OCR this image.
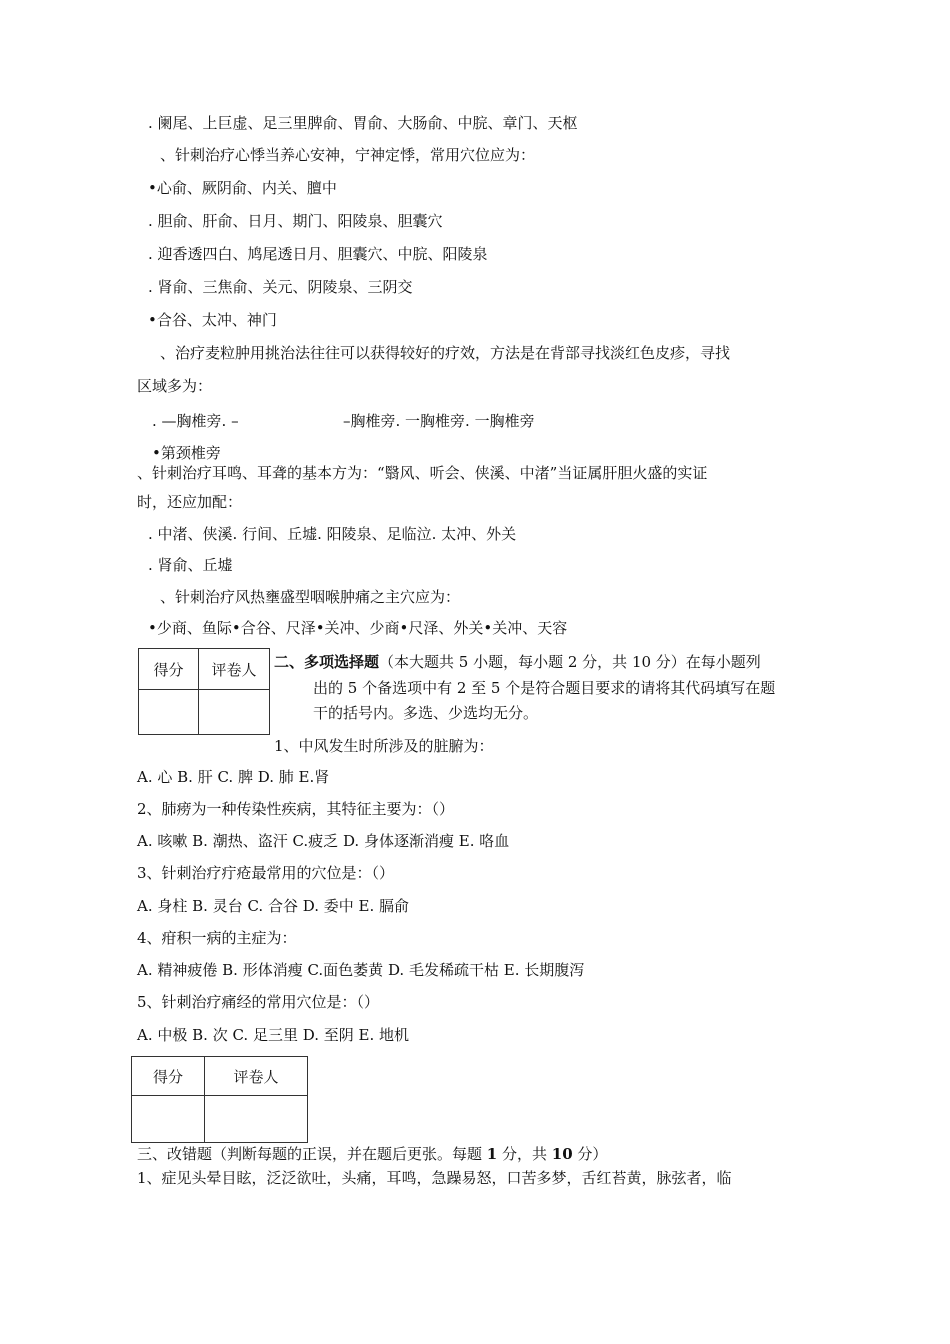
. 阑尾、上巨虚、足三里脾俞、胃俞、大肠俞、中脘、章门、天枢
、针刺治疗心悸当养心安神，宁神定悸，常用穴位应为：
•心俞、厥阴俞、内关、膻中
. 胆俞、肝俞、日月、期门、阳陵泉、胆囊穴
. 迎香透四白、鸠尾透日月、胆囊穴、中脘、阳陵泉
. 肾俞、三焦俞、关元、阴陵泉、三阴交
•合谷、太冲、神门
、治疗麦粒肿用挑治法往往可以获得较好的疗效，方法是在背部寻找淡红色皮疹，寻找
区域多为：
. —胸椎旁. –	–胸椎旁. 一胸椎旁. 一胸椎旁
•第颈椎旁
、针刺治疗耳鸣、耳聋的基本方为：“翳风、听会、侠溪、中渚”当证属肝胆火盛的实证
时，还应加配：
. 中渚、侠溪. 行间、丘墟. 阳陵泉、足临泣. 太冲、外关
. 肾俞、丘墟
、针刺治疗风热壅盛型咽喉肿痛之主穴应为：
•少商、鱼际•合谷、尺泽•关冲、少商•尺泽、外关•关冲、天容
得分	评卷人
	二、多项选择题（本大题共 5 小题，每小题 2 分，共 10 分）在每小题列
出的 5 个备选项中有 2 至 5 个是符合题目要求的请将其代码填写在题
干的括号内。多选、少选均无分。
1、中风发生时所涉及的脏腑为：
A. 心 B. 肝 C. 脾 D. 肺 E.肾
2、肺痨为一种传染性疾病，其特征主要为：（）
A. 咳嗽 B. 潮热、盗汗 C.疲乏 D. 身体逐渐消瘦 E. 咯血
3、针刺治疗疔疮最常用的穴位是：（）
A. 身柱 B. 灵台 C. 合谷 D. 委中 E. 膈俞
4、疳积一病的主症为：
A. 精神疲倦 B. 形体消瘦 C.面色萎黄 D. 毛发稀疏干枯 E. 长期腹泻
5、针刺治疗痛经的常用穴位是：（）
A. 中极 B. 次 C. 足三里 D. 至阴 E. 地机
得分	评卷人

三、改错题（判断每题的正误，并在题后更张。每题 1 分，共 10 分）
1、症见头晕目眩，泛泛欲吐，头痛，耳鸣，急躁易怒，口苦多梦，舌红苔黄，脉弦者，临
